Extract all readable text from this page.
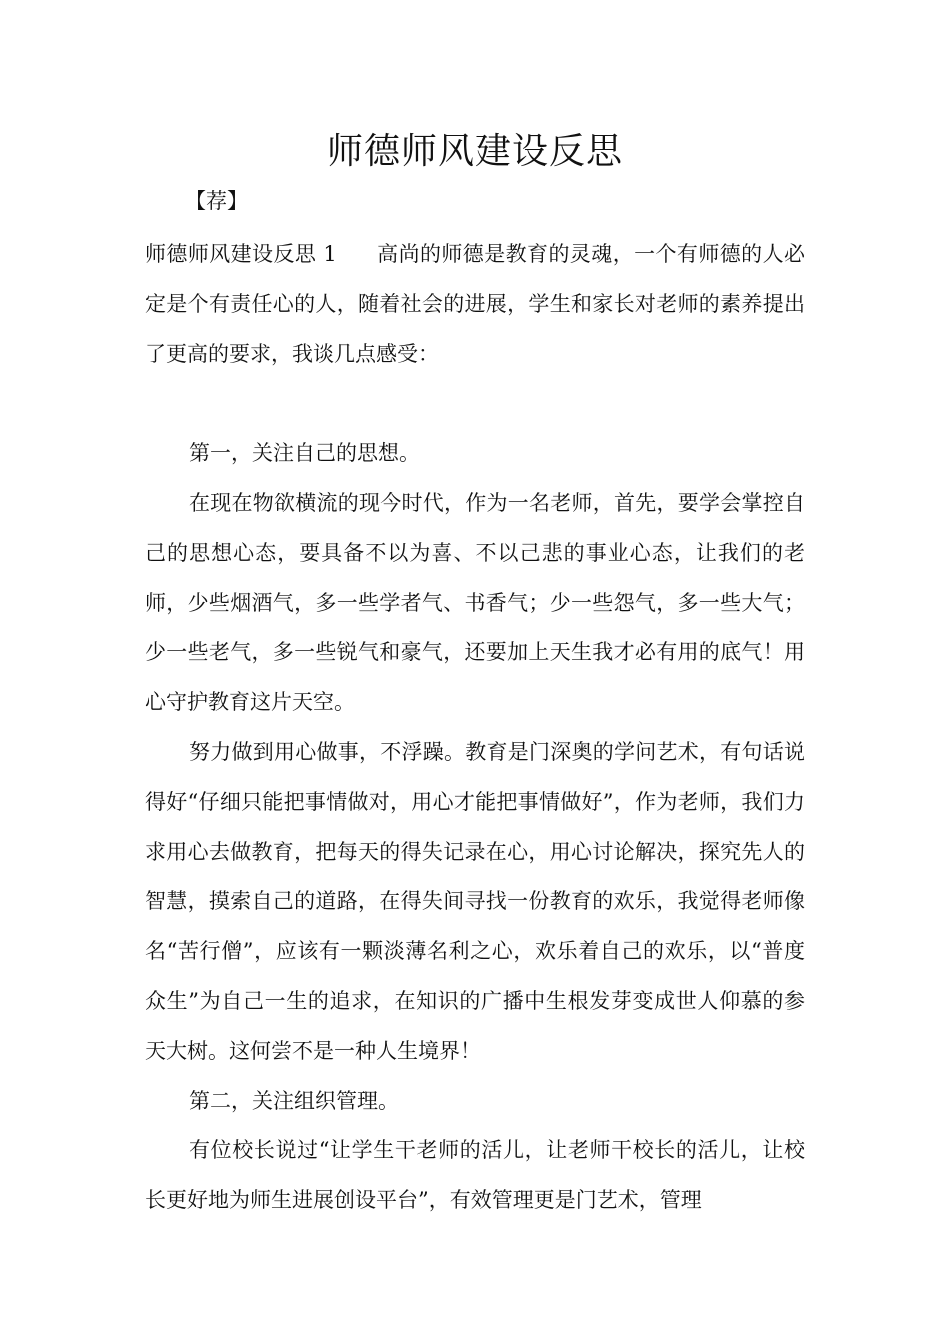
师德师风建设反思
【荐】

师德师风建设反思 1 高尚的师德是教育的灵魂，一个有师德的人必定是个有责任心的人，随着社会的进展，学生和家长对老师的素养提出了更高的要求，我谈几点感受：

第一，关注自己的思想。

在现在物欲横流的现今时代，作为一名老师，首先，要学会掌控自己的思想心态，要具备不以为喜、不以己悲的事业心态，让我们的老师，少些烟酒气，多一些学者气、书香气；少一些怨气，多一些大气；少一些老气，多一些锐气和豪气，还要加上天生我才必有用的底气！用心守护教育这片天空。

努力做到用心做事，不浮躁。教育是门深奥的学问艺术，有句话说得好“仔细只能把事情做对，用心才能把事情做好”，作为老师，我们力求用心去做教育，把每天的得失记录在心，用心讨论解决，探究先人的智慧，摸索自己的道路，在得失间寻找一份教育的欢乐，我觉得老师像名“苦行僧”，应该有一颗淡薄名利之心，欢乐着自己的欢乐，以“普度众生”为自己一生的追求，在知识的广播中生根发芽变成世人仰慕的参天大树。这何尝不是一种人生境界！

第二，关注组织管理。

有位校长说过“让学生干老师的活儿，让老师干校长的活儿，让校长更好地为师生进展创设平台”，有效管理更是门艺术，管理
